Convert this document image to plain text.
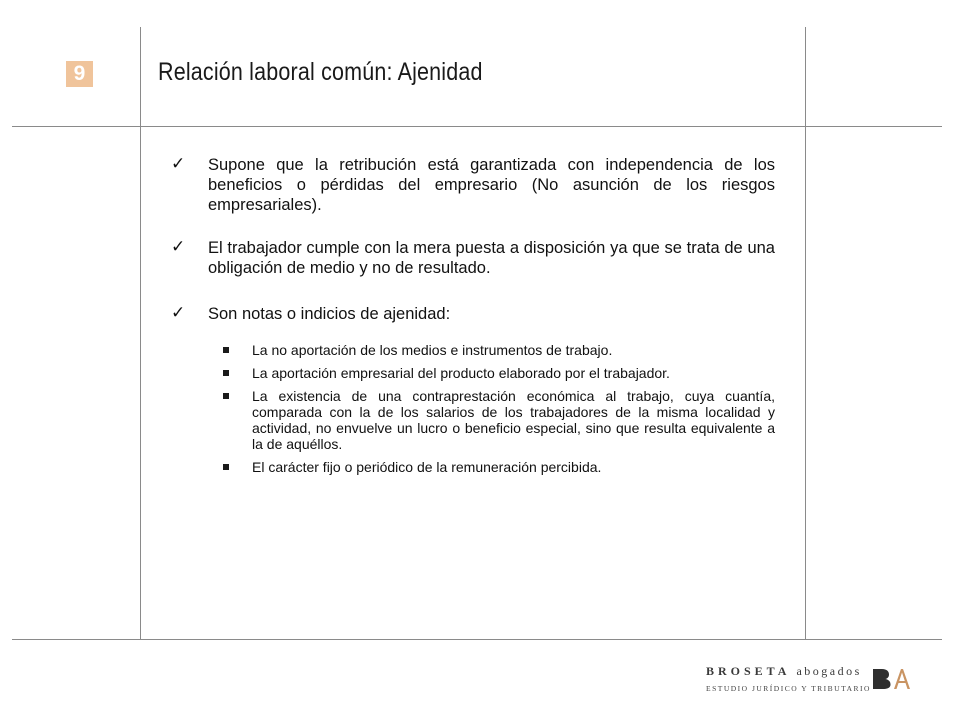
9	Relación laboral común: Ajenidad
✓ Supone que la retribución está garantizada con independencia de los beneficios o pérdidas del empresario (No asunción de los riesgos empresariales).
✓ El trabajador cumple con la mera puesta a disposición ya que se trata de una obligación de medio y no de resultado.
✓ Son notas o indicios de ajenidad:
La no aportación de los medios e instrumentos de trabajo.
La aportación empresarial del producto elaborado por el trabajador.
La existencia de una contraprestación económica al trabajo, cuya cuantía, comparada con la de los salarios de los trabajadores de la misma localidad y actividad, no envuelve un lucro o beneficio especial, sino que resulta equivalente a la de aquéllos.
El carácter fijo o periódico de la remuneración percibida.
BROSETA abogados
ESTUDIO JURÍDICO Y TRIBUTARIO
